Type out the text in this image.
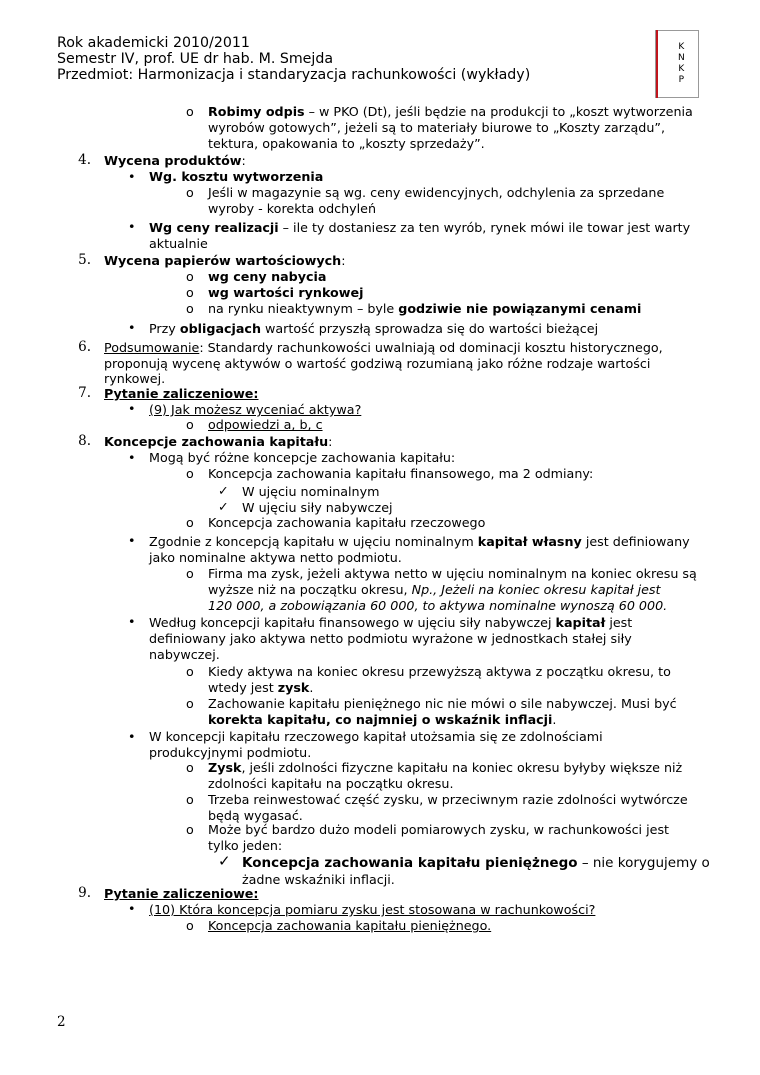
Rok akademicki 2010/2011
Semestr IV, prof. UE dr hab. M. Smejda
Przedmiot: Harmonizacja i standaryzacja rachunkowości (wykłady)
K
N
K
P
o Robimy odpis – w PKO (Dt), jeśli będzie na produkcji to „koszt wytworzenia
wyrobów gotowych”, jeżeli są to materiały biurowe to „Koszty zarządu”,
tektura, opakowania to „koszty sprzedaży”.
4. Wycena produktów:
• Wg. kosztu wytworzenia
o Jeśli w magazynie są wg. ceny ewidencyjnych, odchylenia za sprzedane
wyroby - korekta odchyleń
• Wg ceny realizacji – ile ty dostaniesz za ten wyrób, rynek mówi ile towar jest warty
aktualnie
5. Wycena papierów wartościowych:
o wg ceny nabycia
o wg wartości rynkowej
o na rynku nieaktywnym – byle godziwie nie powiązanymi cenami
• Przy obligacjach wartość przyszłą sprowadza się do wartości bieżącej
6. Podsumowanie: Standardy rachunkowości uwalniają od dominacji kosztu historycznego,
proponują wycenę aktywów o wartość godziwą rozumianą jako różne rodzaje wartości
rynkowej.
7. Pytanie zaliczeniowe:
• (9) Jak możesz wyceniać aktywa?
o odpowiedzi a, b, c
8. Koncepcje zachowania kapitału:
• Mogą być różne koncepcje zachowania kapitału:
o Koncepcja zachowania kapitału finansowego, ma 2 odmiany:
✓ W ujęciu nominalnym
✓ W ujęciu siły nabywczej
o Koncepcja zachowania kapitału rzeczowego
• Zgodnie z koncepcją kapitału w ujęciu nominalnym kapitał własny jest definiowany
jako nominalne aktywa netto podmiotu.
o Firma ma zysk, jeżeli aktywa netto w ujęciu nominalnym na koniec okresu są
wyższe niż na początku okresu, Np., Jeżeli na koniec okresu kapitał jest
120 000, a zobowiązania 60 000, to aktywa nominalne wynoszą 60 000.
• Według koncepcji kapitału finansowego w ujęciu siły nabywczej kapitał jest
definiowany jako aktywa netto podmiotu wyrażone w jednostkach stałej siły
nabywczej.
o Kiedy aktywa na koniec okresu przewyższą aktywa z początku okresu, to
wtedy jest zysk.
o Zachowanie kapitału pieniężnego nic nie mówi o sile nabywczej. Musi być
korekta kapitału, co najmniej o wskaźnik inflacji.
• W koncepcji kapitału rzeczowego kapitał utożsamia się ze zdolnościami
produkcyjnymi podmiotu.
o Zysk, jeśli zdolności fizyczne kapitału na koniec okresu byłyby większe niż
zdolności kapitału na początku okresu.
o Trzeba reinwestować część zysku, w przeciwnym razie zdolności wytwórcze
będą wygasać.
o Może być bardzo dużo modeli pomiarowych zysku, w rachunkowości jest
tylko jeden:
✓ Koncepcja zachowania kapitału pieniężnego – nie korygujemy o
żadne wskaźniki inflacji.
9. Pytanie zaliczeniowe:
• (10) Która koncepcja pomiaru zysku jest stosowana w rachunkowości?
o Koncepcja zachowania kapitału pieniężnego.
2
